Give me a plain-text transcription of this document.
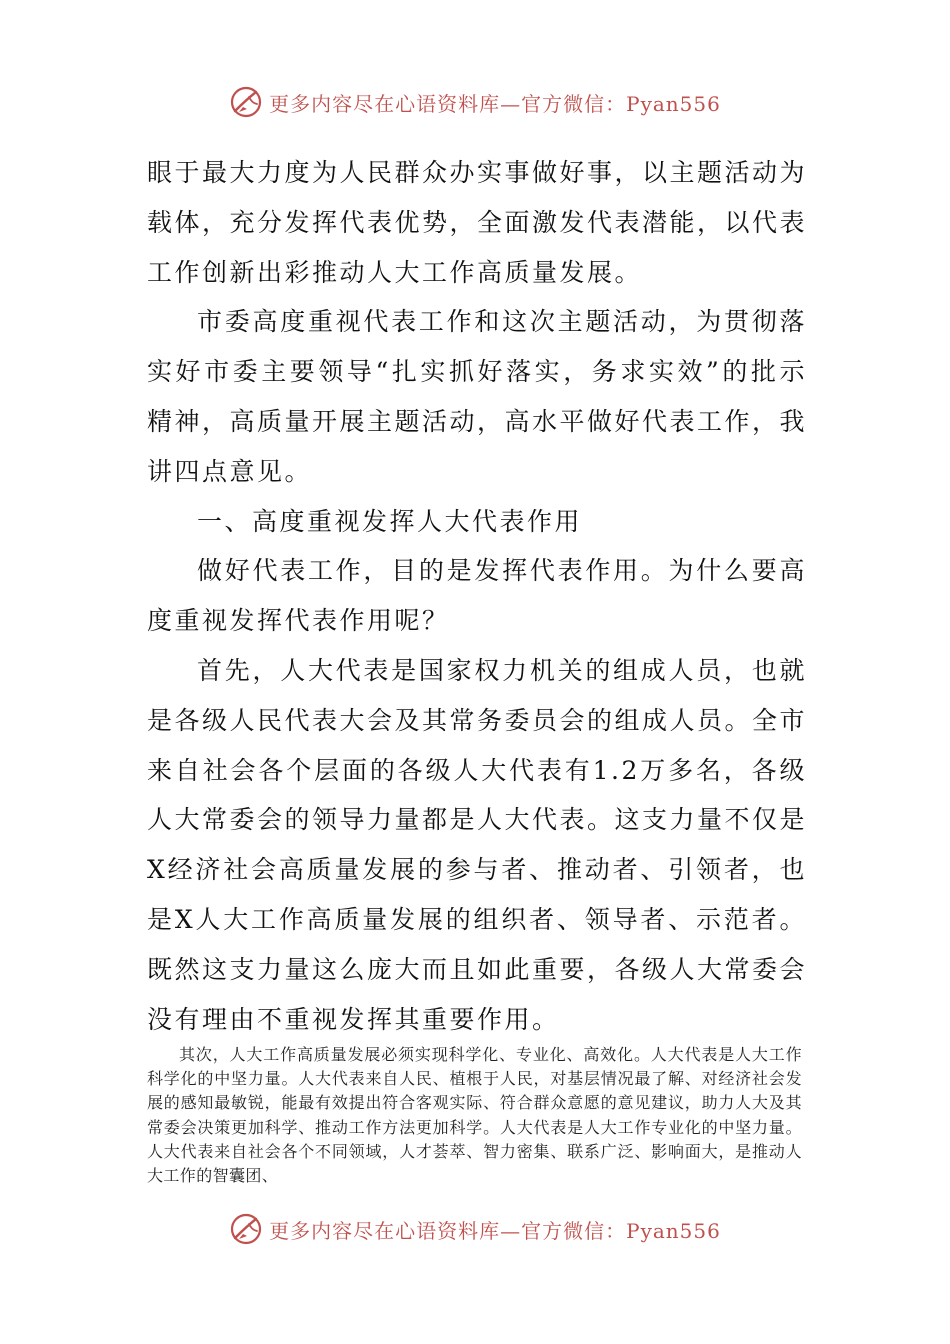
更多内容尽在心语资料库—官方微信：Pyan556

眼于最大力度为人民群众办实事做好事，以主题活动为载体，充分发挥代表优势，全面激发代表潜能，以代表工作创新出彩推动人大工作高质量发展。

市委高度重视代表工作和这次主题活动，为贯彻落实好市委主要领导“扎实抓好落实，务求实效”的批示精神，高质量开展主题活动，高水平做好代表工作，我讲四点意见。

一、高度重视发挥人大代表作用

做好代表工作，目的是发挥代表作用。为什么要高度重视发挥代表作用呢？

首先，人大代表是国家权力机关的组成人员，也就是各级人民代表大会及其常务委员会的组成人员。全市来自社会各个层面的各级人大代表有1.2万多名，各级人大常委会的领导力量都是人大代表。这支力量不仅是X经济社会高质量发展的参与者、推动者、引领者，也是X人大工作高质量发展的组织者、领导者、示范者。既然这支力量这么庞大而且如此重要，各级人大常委会没有理由不重视发挥其重要作用。

其次，人大工作高质量发展必须实现科学化、专业化、高效化。人大代表是人大工作科学化的中坚力量。人大代表来自人民、植根于人民，对基层情况最了解、对经济社会发展的感知最敏锐，能最有效提出符合客观实际、符合群众意愿的意见建议，助力人大及其常委会决策更加科学、推动工作方法更加科学。人大代表是人大工作专业化的中坚力量。人大代表来自社会各个不同领域，人才荟萃、智力密集、联系广泛、影响面大，是推动人大工作的智囊团、

更多内容尽在心语资料库—官方微信：Pyan556
